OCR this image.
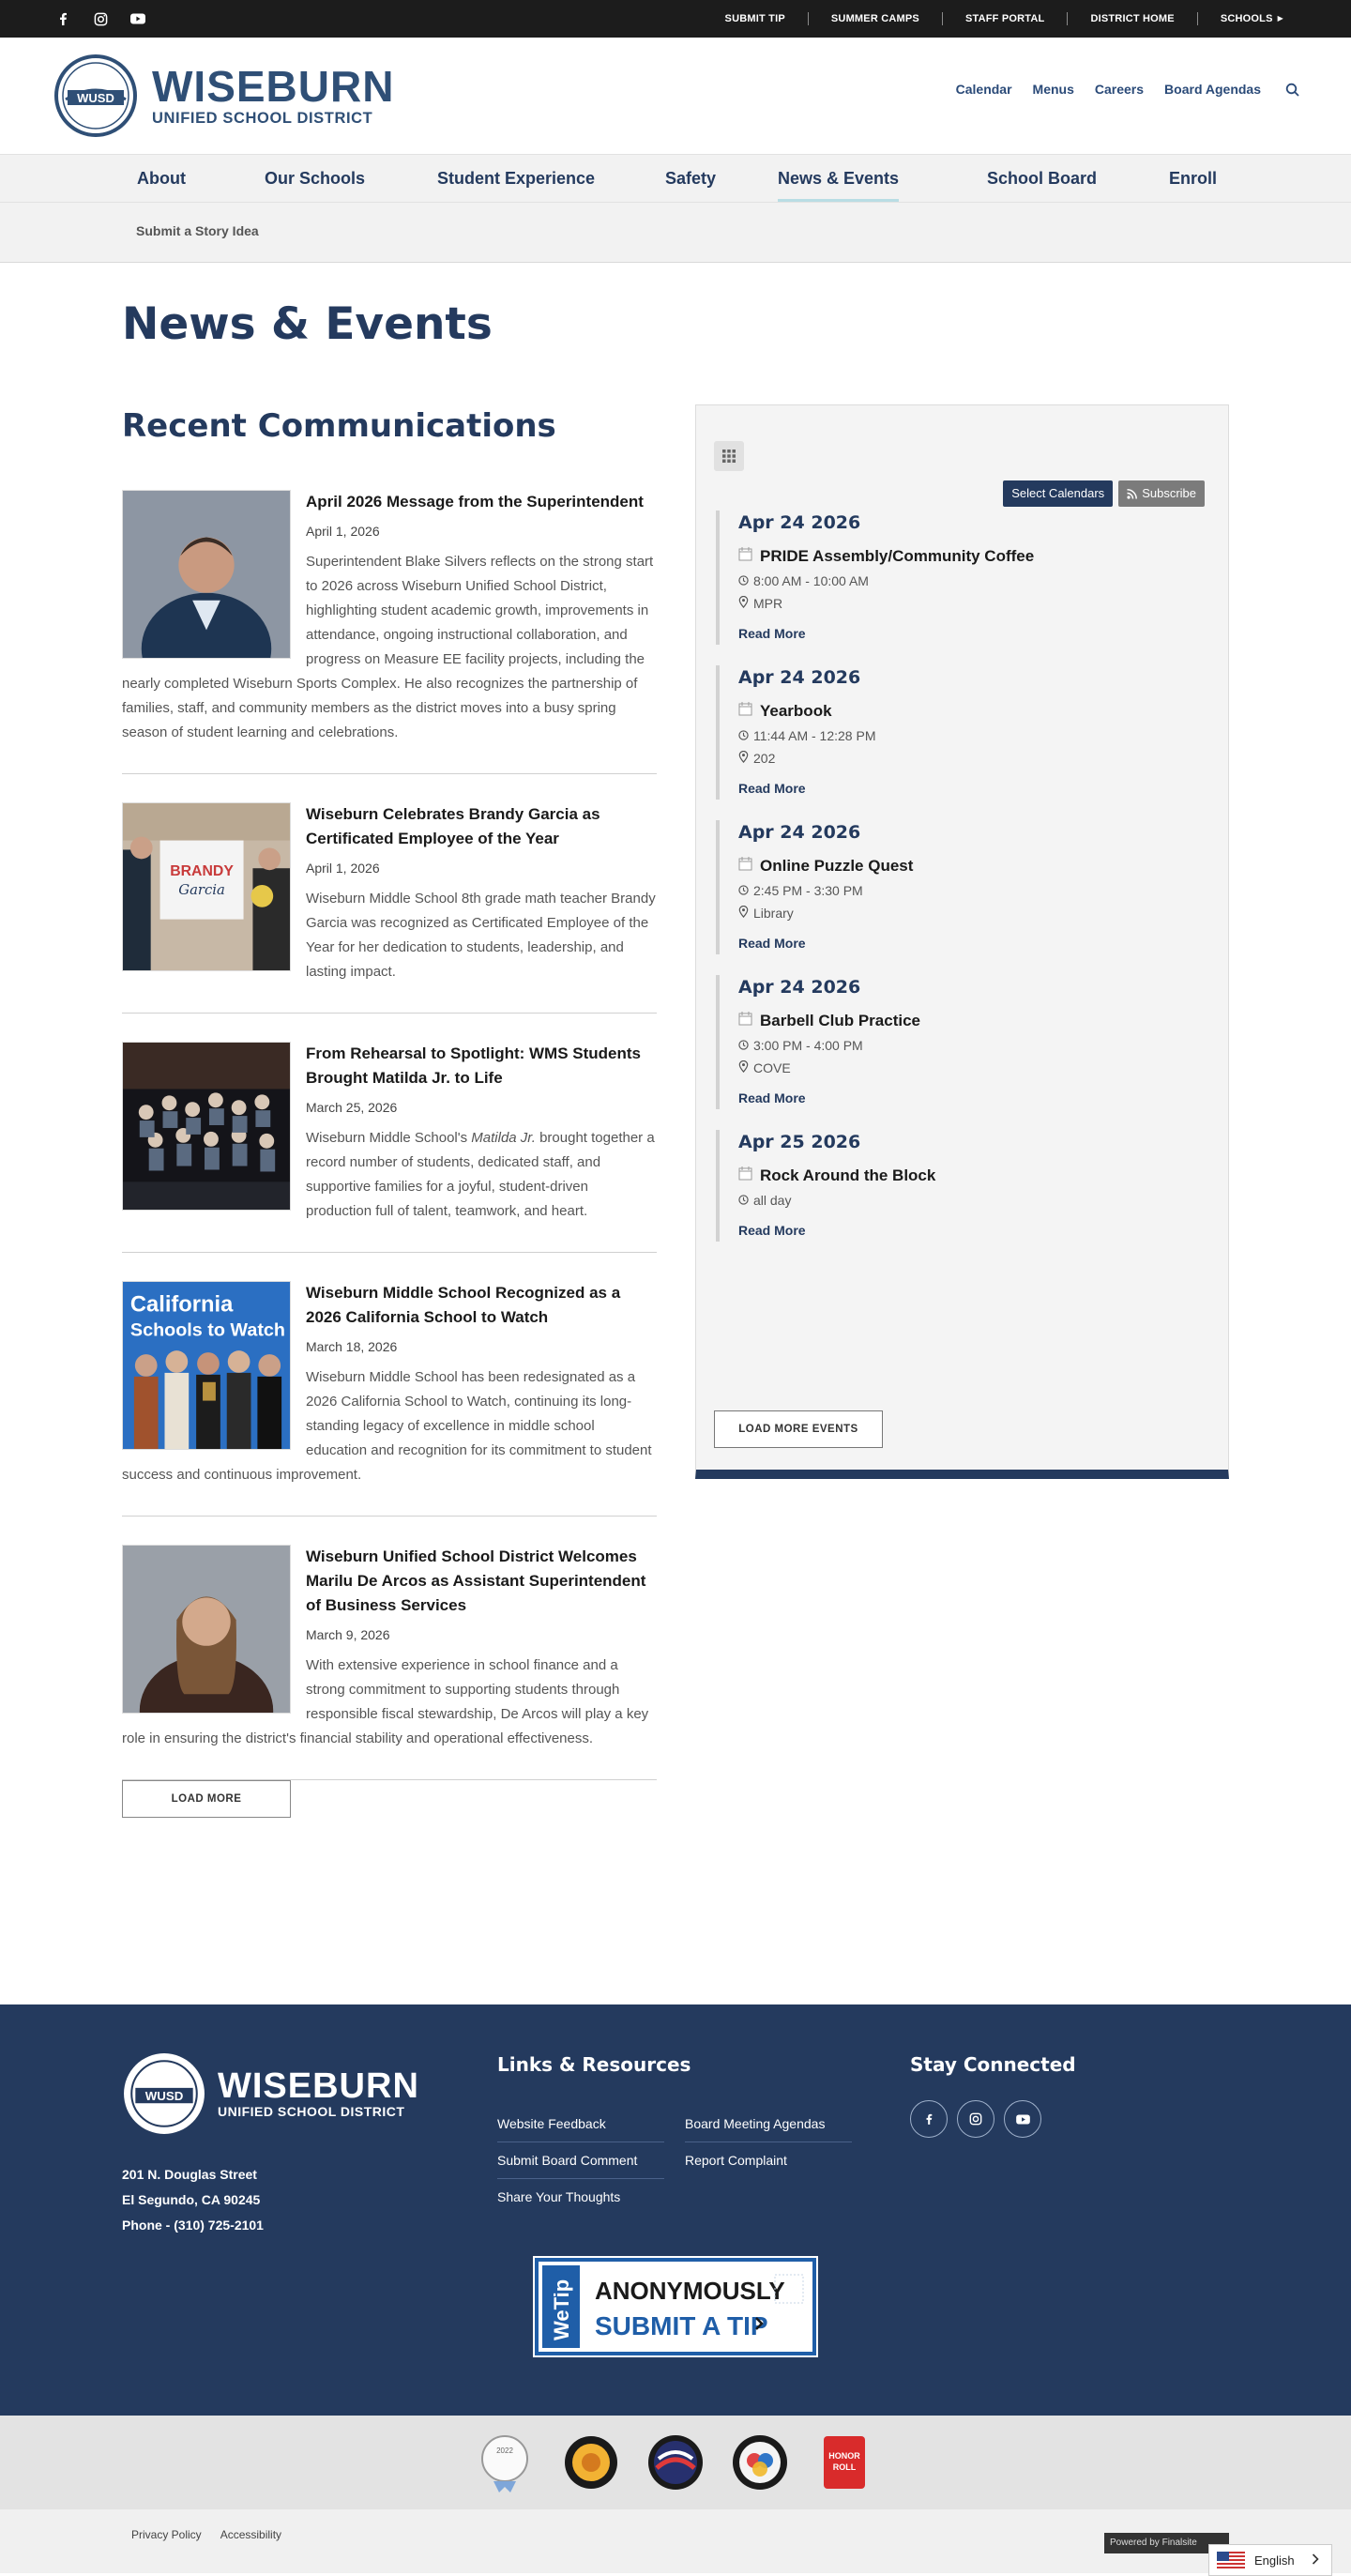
SUBMIT TIP	SUMMER CAMPS	STAFF PORTAL	DISTRICT HOME	SCHOOLS ▶
WUSD WISEBURN
UNIFIED SCHOOL DISTRICT
Calendar Menus Careers Board Agendas
About	Our Schools	Student Experience	Safety	News & Events	School Board	Enroll
Submit a Story Idea
News & Events
Recent Communications
April 2026 Message from the Superintendent
April 1, 2026

Superintendent Blake Silvers reflects on the strong start to 2026 across Wiseburn Unified School District, highlighting student academic growth, improvements in attendance, ongoing instructional collaboration, and progress on Measure EE facility projects, including the nearly completed Wiseburn Sports Complex. He also recognizes the partnership of families, staff, and community members as the district moves into a busy spring season of student learning and celebrations.

BRANDY
Garcia
Wiseburn Celebrates Brandy Garcia as Certificated Employee of the Year
April 1, 2026

Wiseburn Middle School 8th grade math teacher Brandy Garcia was recognized as Certificated Employee of the Year for her dedication to students, leadership, and lasting impact.

From Rehearsal to Spotlight: WMS Students Brought Matilda Jr. to Life
March 25, 2026

Wiseburn Middle School's Matilda Jr. brought together a record number of students, dedicated staff, and supportive families for a joyful, student-driven production full of talent, teamwork, and heart.

California
Schools to Watch
Wiseburn Middle School Recognized as a 2026 California School to Watch
March 18, 2026

Wiseburn Middle School has been redesignated as a 2026 California School to Watch, continuing its long-standing legacy of excellence in middle school education and recognition for its commitment to student success and continuous improvement.

Wiseburn Unified School District Welcomes Marilu De Arcos as Assistant Superintendent of Business Services
March 9, 2026

With extensive experience in school finance and a strong commitment to supporting students through responsible fiscal stewardship, De Arcos will play a key role in ensuring the district's financial stability and operational effectiveness.

LOAD MORE
Select Calendars	Subscribe
Apr 24 2026
PRIDE Assembly/Community Coffee
8:00 AM - 10:00 AM
MPR
Read More
Apr 24 2026
Yearbook
11:44 AM - 12:28 PM
202
Read More
Apr 24 2026
Online Puzzle Quest
2:45 PM - 3:30 PM
Library
Read More
Apr 24 2026
Barbell Club Practice
3:00 PM - 4:00 PM
COVE
Read More
Apr 25 2026
Rock Around the Block
all day
Read More
LOAD MORE EVENTS
WUSD WISEBURN
UNIFIED SCHOOL DISTRICT
201 N. Douglas Street
El Segundo, CA 90245
Phone - (310) 725-2101
Links & Resources
Website Feedback	Board Meeting Agendas
Submit Board Comment	Report Complaint
Share Your Thoughts
Stay Connected
WeTip ANONYMOUSLY
SUBMIT A TIP
2022
HONOR
ROLL
Privacy Policy Accessibility
Powered by Finalsite
English
